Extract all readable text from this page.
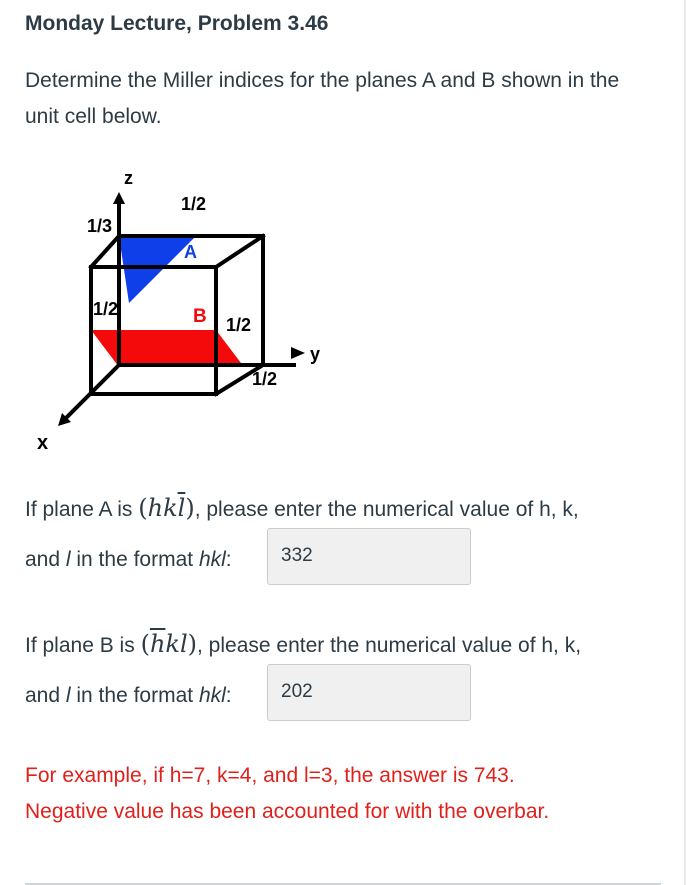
Monday Lecture, Problem 3.46

Determine the Miller indices for the planes A and B shown in the unit cell below.

z
y
x
1/2
1/3
1/2
1/2
1/2
A
B

If plane A is $(hk\overline{l})$, please enter the numerical value of h, k,

and l in the format hkl:	332

If plane B is $(\overline{h}kl)$, please enter the numerical value of h, k,

and l in the format hkl:	202
For example, if h=7, k=4, and l=3, the answer is 743.
Negative value has been accounted for with the overbar.
